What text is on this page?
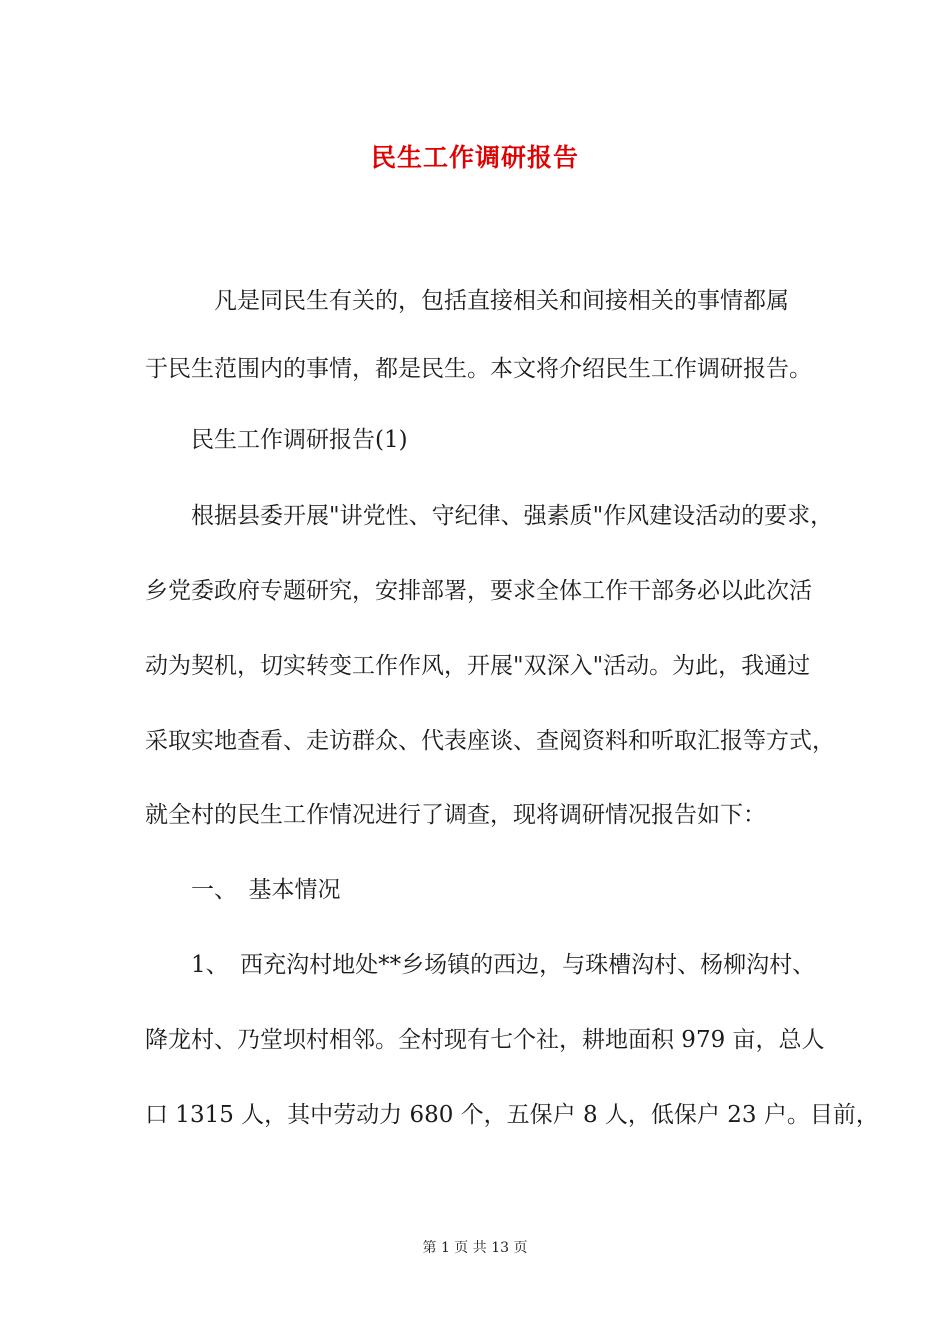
民生工作调研报告

　　　凡是同民生有关的，包括直接相关和间接相关的事情都属

于民生范围内的事情，都是民生。本文将介绍民生工作调研报告。

　　民生工作调研报告(1)

　　根据县委开展"讲党性、守纪律、强素质"作风建设活动的要求，

乡党委政府专题研究，安排部署，要求全体工作干部务必以此次活

动为契机，切实转变工作作风，开展"双深入"活动。为此，我通过

采取实地查看、走访群众、代表座谈、查阅资料和听取汇报等方式，

就全村的民生工作情况进行了调查，现将调研情况报告如下：

　　一、　基本情况

　　1、　西充沟村地处**乡场镇的西边，与珠槽沟村、杨柳沟村、

降龙村、乃堂坝村相邻。全村现有七个社，耕地面积 979 亩，总人

口 1315 人，其中劳动力 680 个，五保户 8 人，低保户 23 户。目前，

第 1 页 共 13 页
